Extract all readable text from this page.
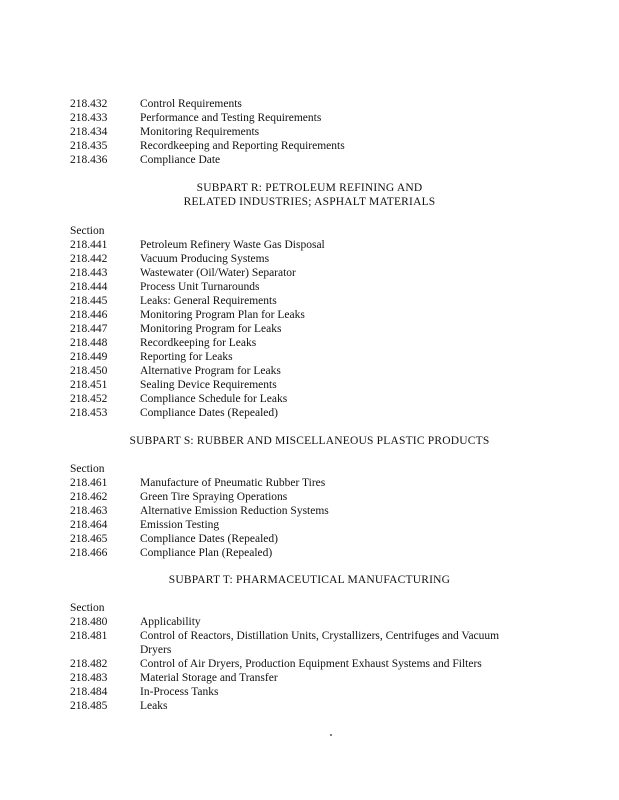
218.432	Control Requirements
218.433	Performance and Testing Requirements
218.434	Monitoring Requirements
218.435	Recordkeeping and Reporting Requirements
218.436	Compliance Date
SUBPART R: PETROLEUM REFINING AND
RELATED INDUSTRIES; ASPHALT MATERIALS
Section
218.441	Petroleum Refinery Waste Gas Disposal
218.442	Vacuum Producing Systems
218.443	Wastewater (Oil/Water) Separator
218.444	Process Unit Turnarounds
218.445	Leaks: General Requirements
218.446	Monitoring Program Plan for Leaks
218.447	Monitoring Program for Leaks
218.448	Recordkeeping for Leaks
218.449	Reporting for Leaks
218.450	Alternative Program for Leaks
218.451	Sealing Device Requirements
218.452	Compliance Schedule for Leaks
218.453	Compliance Dates (Repealed)
SUBPART S: RUBBER AND MISCELLANEOUS PLASTIC PRODUCTS
Section
218.461	Manufacture of Pneumatic Rubber Tires
218.462	Green Tire Spraying Operations
218.463	Alternative Emission Reduction Systems
218.464	Emission Testing
218.465	Compliance Dates (Repealed)
218.466	Compliance Plan (Repealed)
SUBPART T: PHARMACEUTICAL MANUFACTURING
Section
218.480	Applicability
218.481	Control of Reactors, Distillation Units, Crystallizers, Centrifuges and Vacuum
Dryers
218.482	Control of Air Dryers, Production Equipment Exhaust Systems and Filters
218.483	Material Storage and Transfer
218.484	In-Process Tanks
218.485	Leaks
